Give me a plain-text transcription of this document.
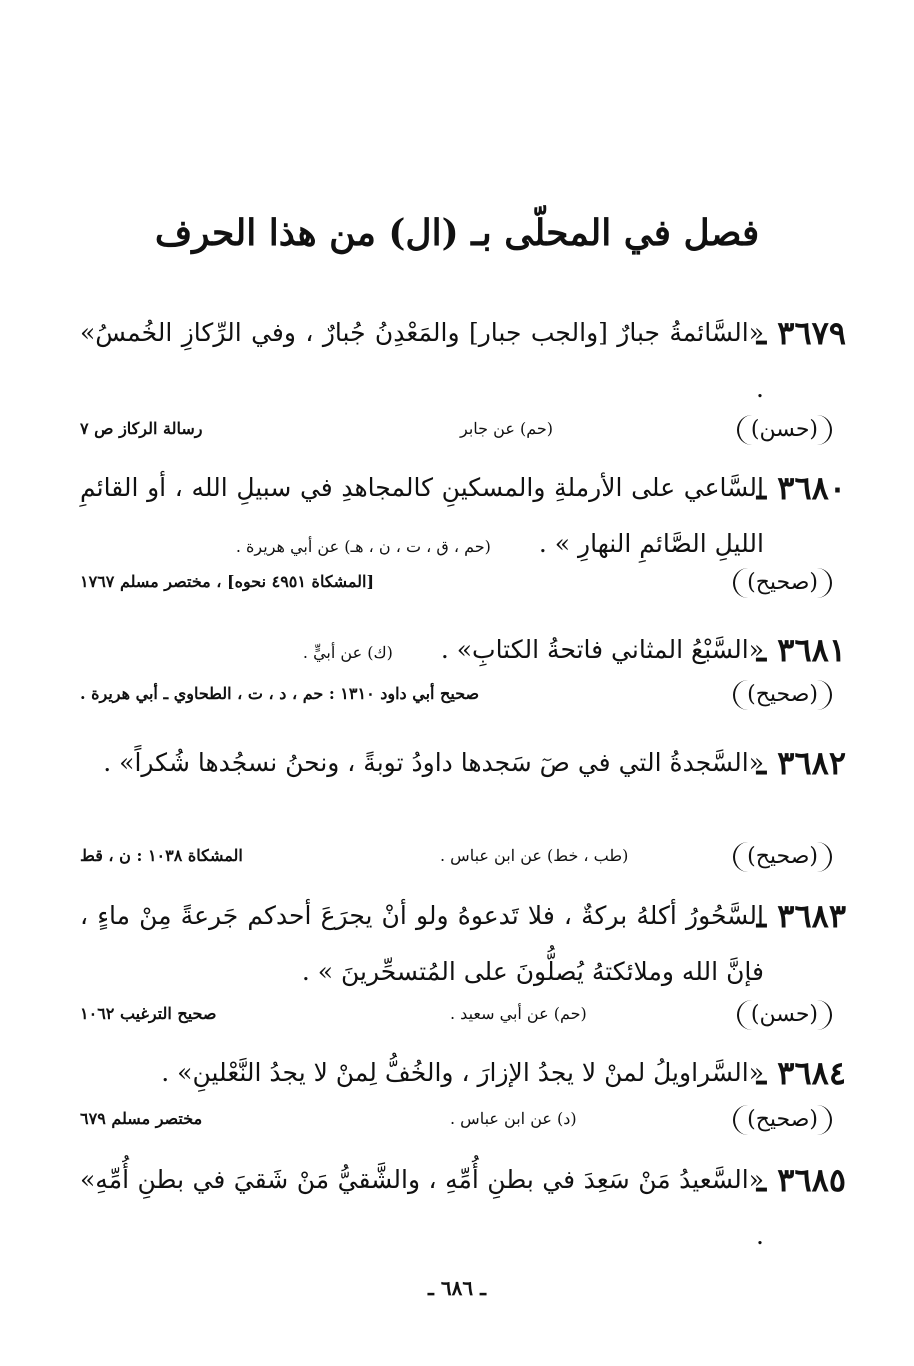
فصل في المحلّى بـ (ال) من هذا الحرف
٣٦٧٩ ـ
«السَّائمةُ جبارٌ [والجب جبار] والمَعْدِنُ جُبارٌ ، وفي الرِّكازِ الخُمسُ» .
(حسن)
(حم) عن جابر
رسالة الركاز ص ٧
٣٦٨٠ ـ
السَّاعي على الأرملةِ والمسكينِ كالمجاهدِ في سبيلِ الله ، أو القائمِ الليلِ الصَّائمِ النهارِ » . (حم ، ق ، ت ، ن ، هـ) عن أبي هريرة .
(صحيح)
[المشكاة ٤٩٥١ نحوه] ، مختصر مسلم ١٧٦٧
٣٦٨١ ـ
«السَّبْعُ المثاني فاتحةُ الكتابِ» . (ك) عن أبيٍّ .
(صحيح)
صحيح أبي داود ١٣١٠ : حم ، د ، ت ، الطحاوي ـ أبي هريرة .
٣٦٨٢ ـ
«السَّجدةُ التي في صٓ سَجدها داودُ توبةً ، ونحنُ نسجُدها شُكراً» .
(صحيح)
(طب ، خط) عن ابن عباس .
المشكاة ١٠٣٨ : ن ، قط
٣٦٨٣ ـ
السَّحُورُ أكلهُ بركةٌ ، فلا تَدعوهُ ولو أنْ يجرَعَ أحدكم جَرعةً مِنْ ماءٍ ، فإنَّ الله وملائكتهُ يُصلُّونَ على المُتسحِّرينَ » .
(حسن)
(حم) عن أبي سعيد .
صحيح الترغيب ١٠٦٢
٣٦٨٤ ـ
«السَّراويلُ لمنْ لا يجدُ الإزارَ ، والخُفُّ لِمنْ لا يجدُ النَّعْلينِ» .
(صحيح)
(د) عن ابن عباس .
مختصر مسلم ٦٧٩
٣٦٨٥ ـ
«السَّعيدُ مَنْ سَعِدَ في بطنِ أُمِّهِ ، والشَّقيُّ مَنْ شَقيَ في بطنِ أُمِّهِ» .
ـ ٦٨٦ ـ
